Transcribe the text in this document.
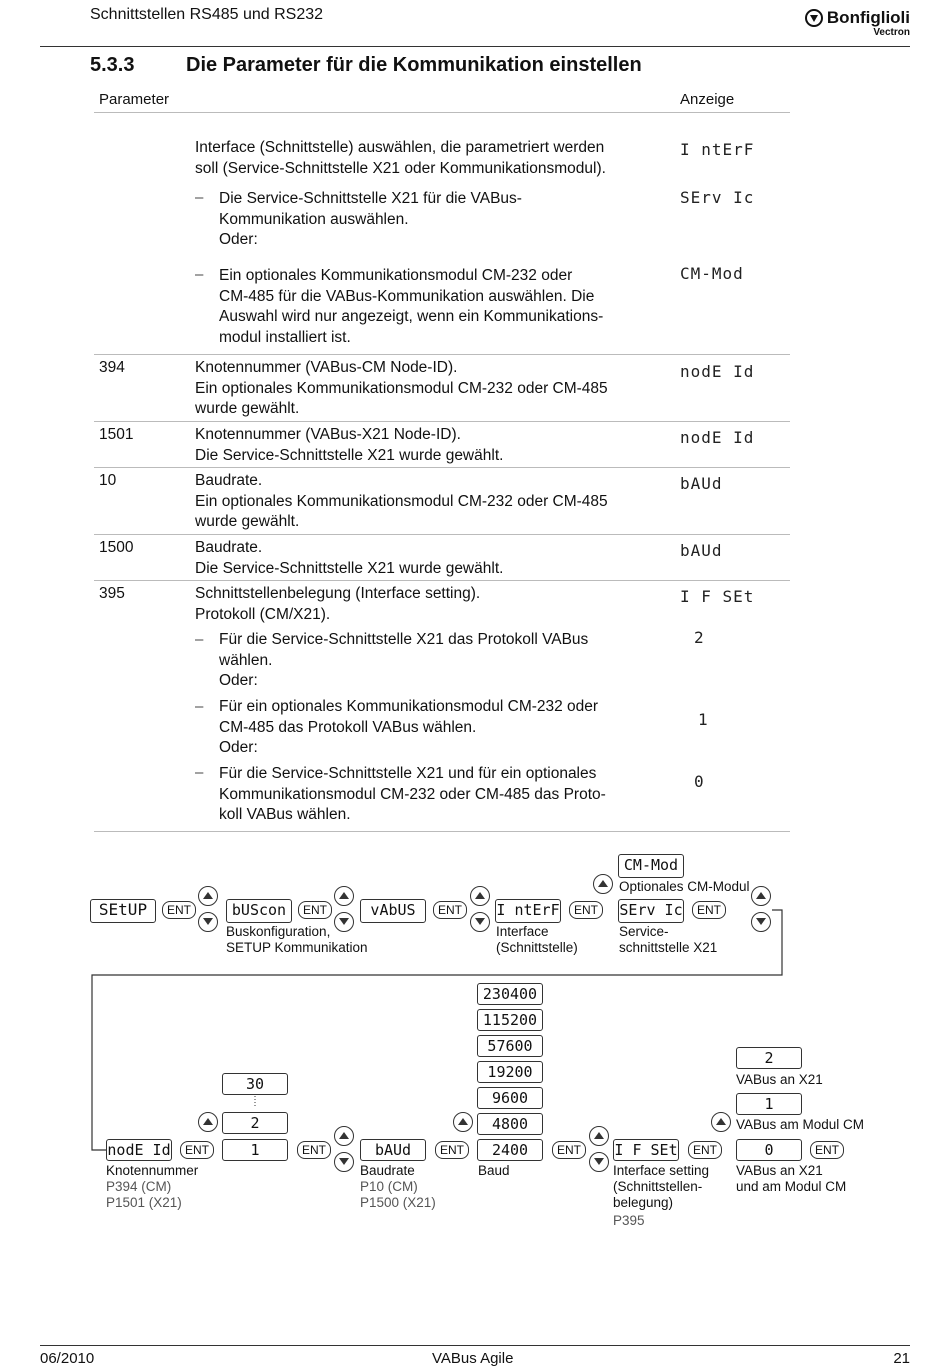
Schnittstellen RS485 und RS232	Bonfiglioli
Vectron
5.3.3	Die Parameter für die Kommunikation einstellen
Parameter	Anzeige
Interface (Schnittstelle) auswählen, die parametriert werden
soll (Service-Schnittstelle X21 oder Kommunikationsmodul).
I ntErF
– Die Service-Schnittstelle X21 für die VABus-
Kommunikation auswählen.
Oder:
SErv Ic
– Ein optionales Kommunikationsmodul CM-232 oder
CM-485 für die VABus-Kommunikation auswählen. Die
Auswahl wird nur angezeigt, wenn ein Kommunikations-
modul installiert ist.
CM-Mod
394	Knotennummer (VABus-CM Node-ID).
Ein optionales Kommunikationsmodul CM-232 oder CM-485
wurde gewählt.
nodE Id
1501	Knotennummer (VABus-X21 Node-ID).
Die Service-Schnittstelle X21 wurde gewählt.
nodE Id
10	Baudrate.
Ein optionales Kommunikationsmodul CM-232 oder CM-485
wurde gewählt.
bAUd
1500	Baudrate.
Die Service-Schnittstelle X21 wurde gewählt.
bAUd
395	Schnittstellenbelegung (Interface setting).
Protokoll (CM/X21).
I F SEt
– Für die Service-Schnittstelle X21 das Protokoll VABus
wählen.
Oder:
2
– Für ein optionales Kommunikationsmodul CM-232 oder
CM-485 das Protokoll VABus wählen.
Oder:
1
– Für die Service-Schnittstelle X21 und für ein optionales
Kommunikationsmodul CM-232 oder CM-485 das Proto-
koll VABus wählen.
0
SEtUP	ENT	bUScon
Buskonfiguration,
SETUP Kommunikation
ENT	vAbUS	ENT	I ntErF
Interface
(Schnittstelle)
ENT
CM-Mod
Optionales CM-Modul
SErv Ic
Service-
schnittstelle X21
ENT
30
2
1
nodE Id	ENT
Knotennummer
P394 (CM)
P1501 (X21)
ENT	bAUd
Baudrate
P10 (CM)
P1500 (X21)
ENT
230400
115200
57600
19200
9600
4800
2400
Baud
ENT	I F SEt
Interface setting
(Schnittstellen-
belegung)
P395
ENT
2
VABus an X21
1
VABus am Modul CM
0	ENT
VABus an X21
und am Modul CM
06/2010	VABus Agile	21
